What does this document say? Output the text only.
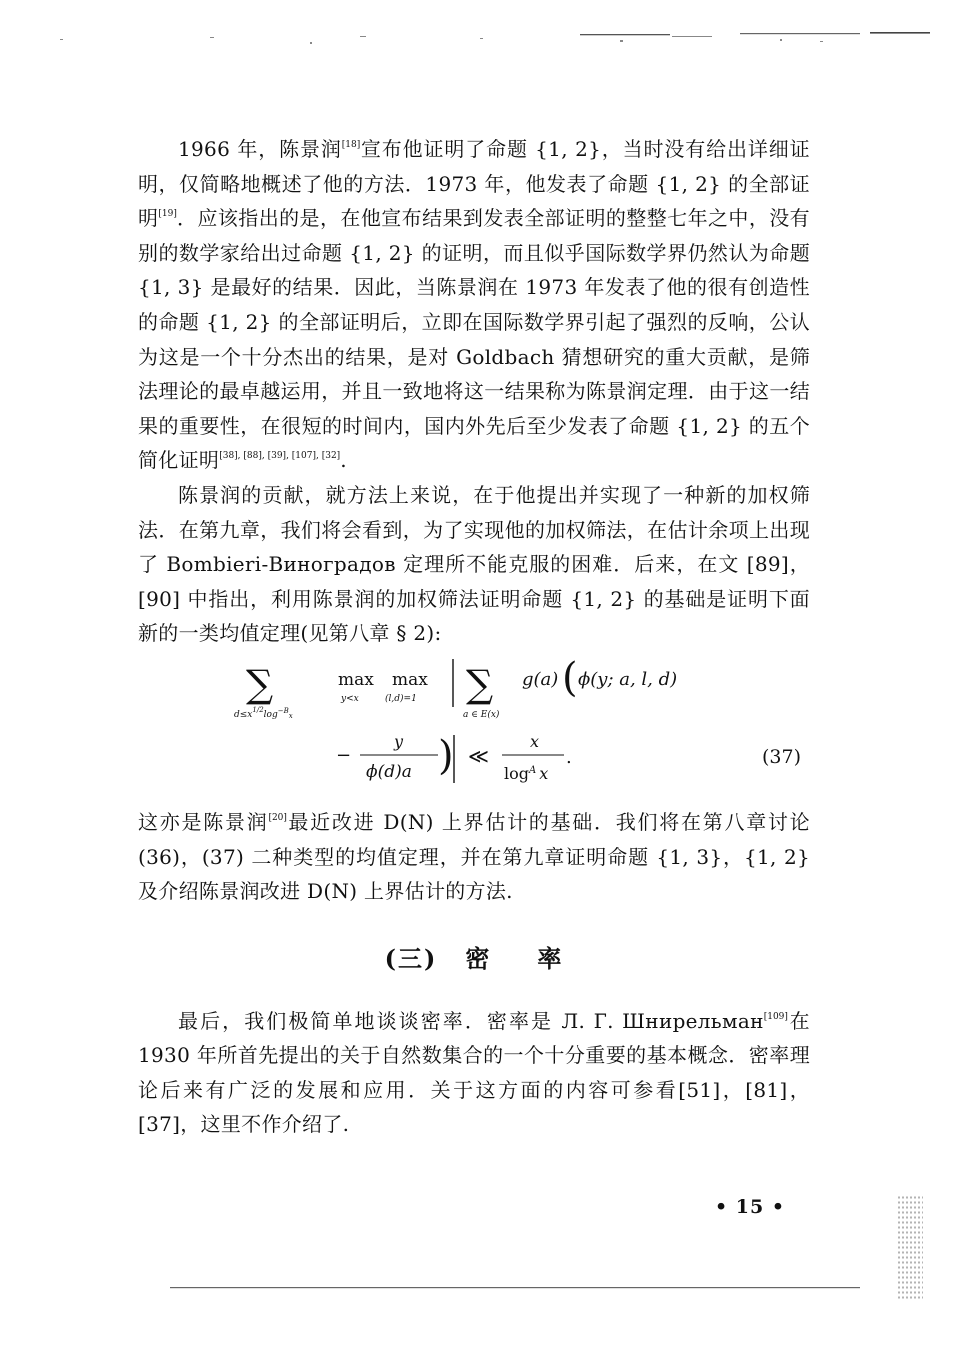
1966 年，陈景润[18]宣布他证明了命题 {1, 2}，当时没有给出详细证明，仅简略地概述了他的方法．1973 年，他发表了命题 {1, 2} 的全部证明[19]．应该指出的是，在他宣布结果到发表全部证明的整整七年之中，没有别的数学家给出过命题 {1, 2} 的证明，而且似乎国际数学界仍然认为命题 {1, 3} 是最好的结果．因此，当陈景润在 1973 年发表了他的很有创造性的命题 {1, 2} 的全部证明后，立即在国际数学界引起了强烈的反响，公认为这是一个十分杰出的结果，是对 Goldbach 猜想研究的重大贡献，是筛法理论的最卓越运用，并且一致地将这一结果称为陈景润定理．由于这一结果的重要性，在很短的时间内，国内外先后至少发表了命题 {1, 2} 的五个简化证明[38], [88], [39], [107], [32].

陈景润的贡献，就方法上来说，在于他提出并实现了一种新的加权筛法．在第九章，我们将会看到，为了实现他的加权筛法，在估计余项上出现了 Bombieri-Виноградов 定理所不能克服的困难．后来，在文 [89]，[90] 中指出，利用陈景润的加权筛法证明命题 {1, 2} 的基础是证明下面新的一类均值定理(见第八章 § 2):

∑
$d\le x^{1/2}\log^{-B}_x$
max
y<x
max
(l,d)=1 ∑
a ∈ E(x)
g(a) ( ϕ(y; a, l, d)
−
y
ϕ(d)a ) ≪
x
$\log^A x$
.	(37)

这亦是陈景润[20]最近改进 D(N) 上界估计的基础．我们将在第八章讨论 (36)，(37) 二种类型的均值定理，并在第九章证明命题 {1, 3}，{1, 2} 及介绍陈景润改进 D(N) 上界估计的方法.

(三) 密 率

最后，我们极简单地谈谈密率．密率是 Л. Г. Шнирельман[109]在 1930 年所首先提出的关于自然数集合的一个十分重要的基本概念．密率理论后来有广泛的发展和应用．关于这方面的内容可参看[51]，[81]，[37]，这里不作介绍了.

• 15 •
